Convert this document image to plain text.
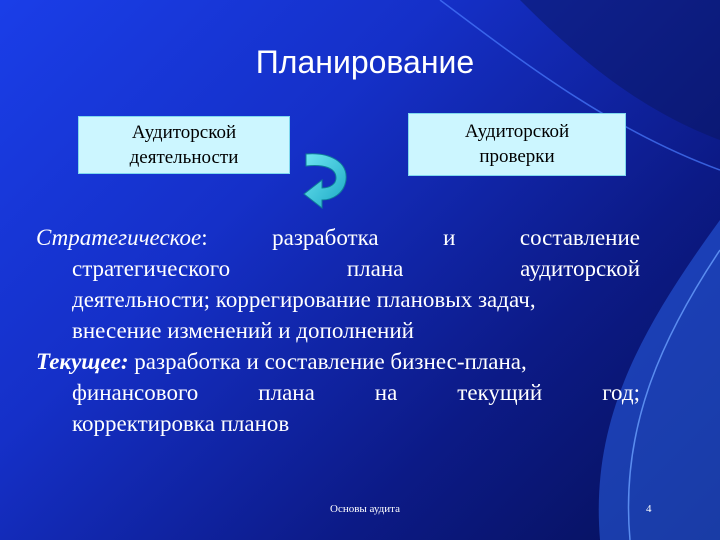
Планирование
Аудиторской
деятельности
Аудиторской
проверки
Стратегическое: разработка и составление
стратегического плана аудиторской
деятельности; коррегирование плановых задач,
внесение изменений и дополнений
Текущее: разработка и составление бизнес-плана,
финансового плана на текущий год;
корректировка планов
Основы аудита	4
